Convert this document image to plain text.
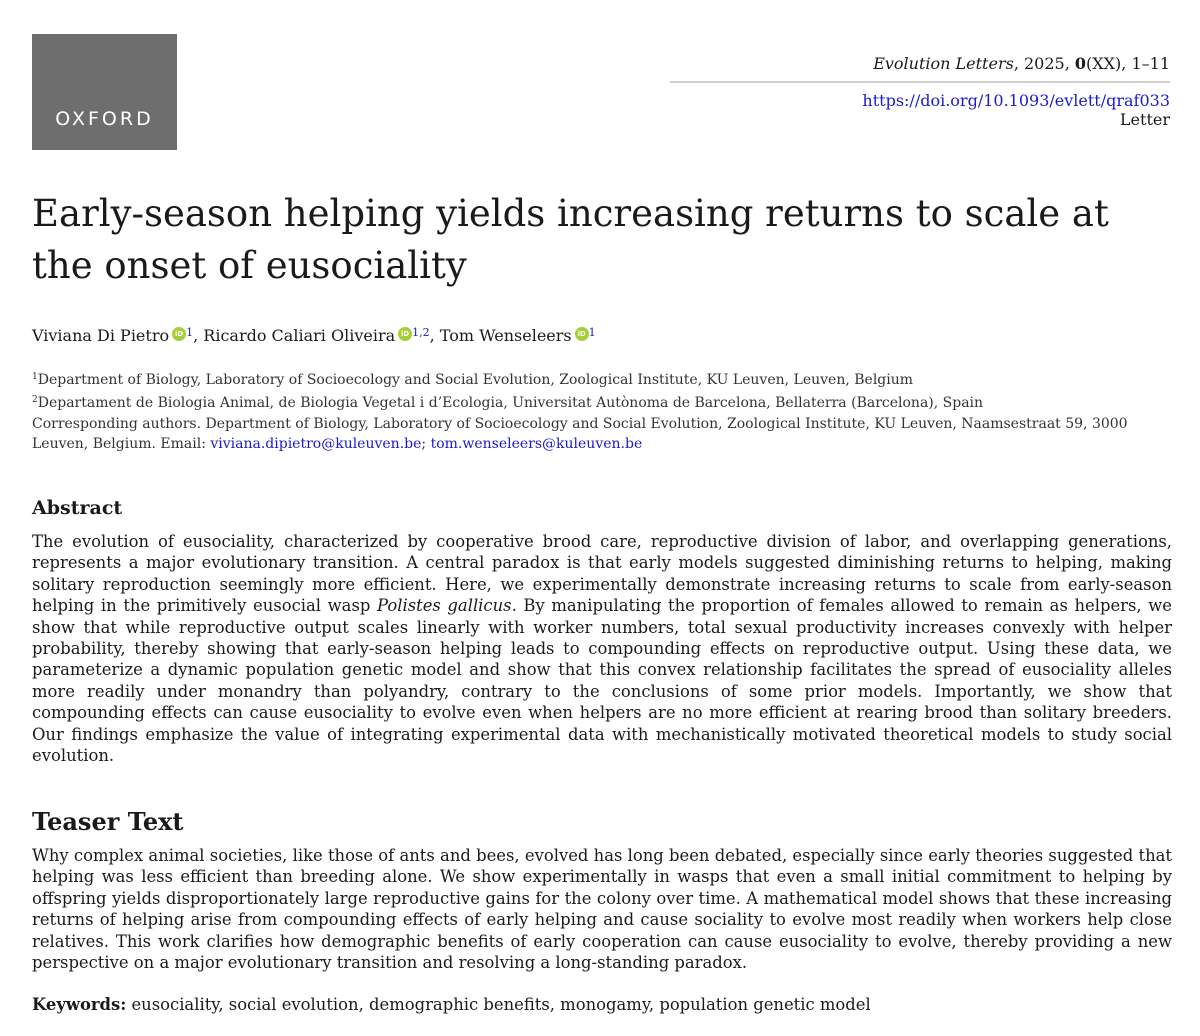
OXFORD
Evolution Letters, 2025, 0(XX), 1–11
https://doi.org/10.1093/evlett/qraf033
Letter
Early-season helping yields increasing returns to scale at the onset of eusociality
Viviana Di Pietro iD $^1$, Ricardo Caliari Oliveira iD $^{1,2}$, Tom Wenseleers iD $^1$
$^1$Department of Biology, Laboratory of Socioecology and Social Evolution, Zoological Institute, KU Leuven, Leuven, Belgium
$^2$Departament de Biologia Animal, de Biologia Vegetal i d’Ecologia, Universitat Autònoma de Barcelona, Bellaterra (Barcelona), Spain
Corresponding authors. Department of Biology, Laboratory of Socioecology and Social Evolution, Zoological Institute, KU Leuven, Naamsestraat 59, 3000 Leuven, Belgium. Email: viviana.dipietro@kuleuven.be; tom.wenseleers@kuleuven.be
Abstract

The evolution of eusociality, characterized by cooperative brood care, reproductive division of labor, and overlapping generations, represents a major evolutionary transition. A central paradox is that early models suggested diminishing returns to helping, making solitary reproduction seemingly more efficient. Here, we experimentally demonstrate increasing returns to scale from early-season helping in the primitively eusocial wasp Polistes gallicus. By manipulating the proportion of females allowed to remain as helpers, we show that while reproductive output scales linearly with worker numbers, total sexual productivity increases convexly with helper probability, thereby showing that early-season helping leads to compounding effects on reproductive output. Using these data, we parameterize a dynamic population genetic model and show that this convex relationship facilitates the spread of eusociality alleles more readily under monandry than polyandry, contrary to the conclusions of some prior models. Importantly, we show that compounding effects can cause eusociality to evolve even when helpers are no more efficient at rearing brood than solitary breeders. Our findings emphasize the value of integrating experimental data with mechanistically motivated theoretical models to study social evolution.

Teaser Text

Why complex animal societies, like those of ants and bees, evolved has long been debated, especially since early theories suggested that helping was less efficient than breeding alone. We show experimentally in wasps that even a small initial commitment to helping by offspring yields disproportionately large reproductive gains for the colony over time. A mathematical model shows that these increasing returns of helping arise from compounding effects of early helping and cause sociality to evolve most readily when workers help close relatives. This work clarifies how demographic benefits of early cooperation can cause eusociality to evolve, thereby providing a new perspective on a major evolutionary transition and resolving a long-standing paradox.

Keywords: eusociality, social evolution, demographic benefits, monogamy, population genetic model
